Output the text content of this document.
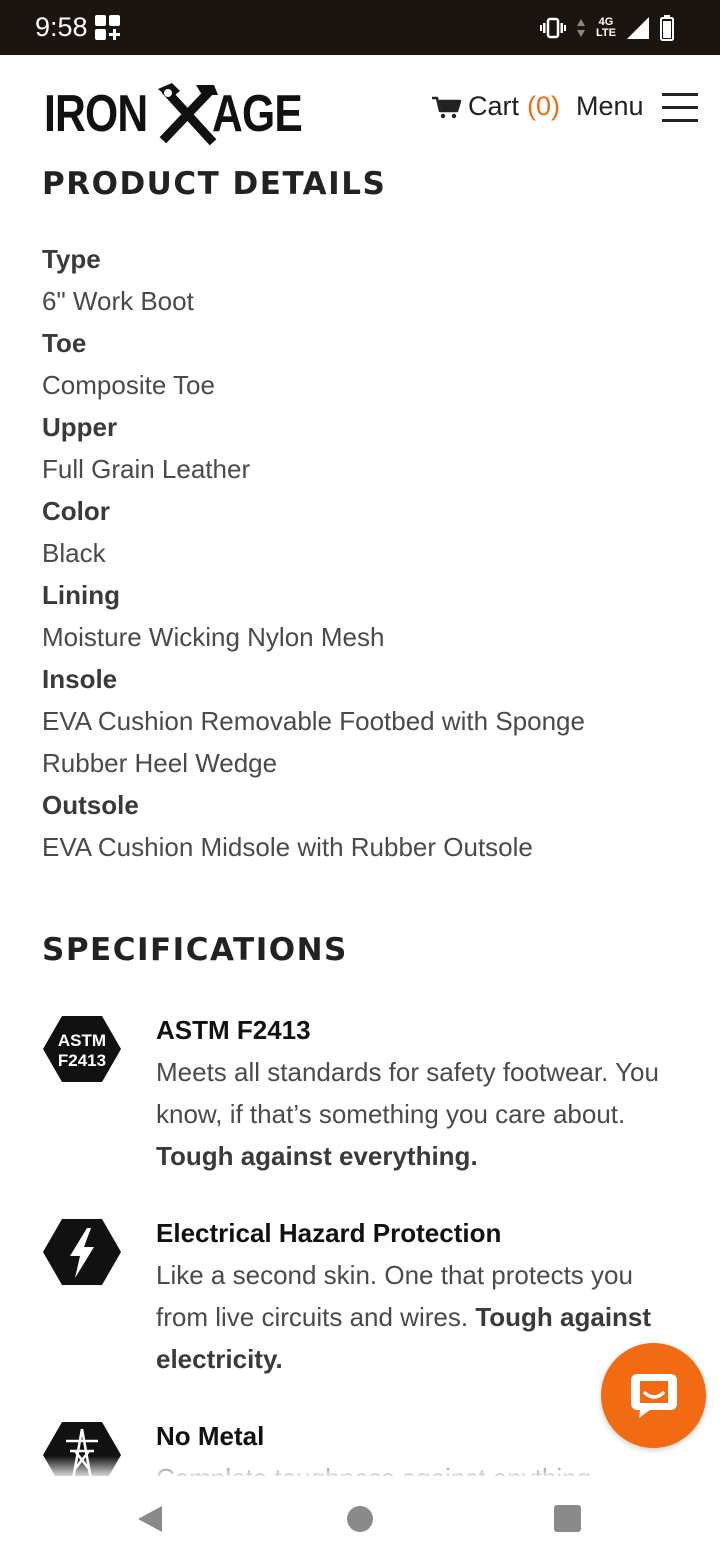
9:58	4G
LTE
IRON AGE	Cart (0) Menu
PRODUCT DETAILS
Type
6" Work Boot
Toe
Composite Toe
Upper
Full Grain Leather
Color
Black
Lining
Moisture Wicking Nylon Mesh
Insole
EVA Cushion Removable Footbed with Sponge Rubber Heel Wedge
Outsole
EVA Cushion Midsole with Rubber Outsole
SPECIFICATIONS
ASTM
F2413
ASTM F2413
Meets all standards for safety footwear. You know, if that’s something you care about. Tough against everything.
Electrical Hazard Protection
Like a second skin. One that protects you from live circuits and wires. Tough against electricity.
No Metal
